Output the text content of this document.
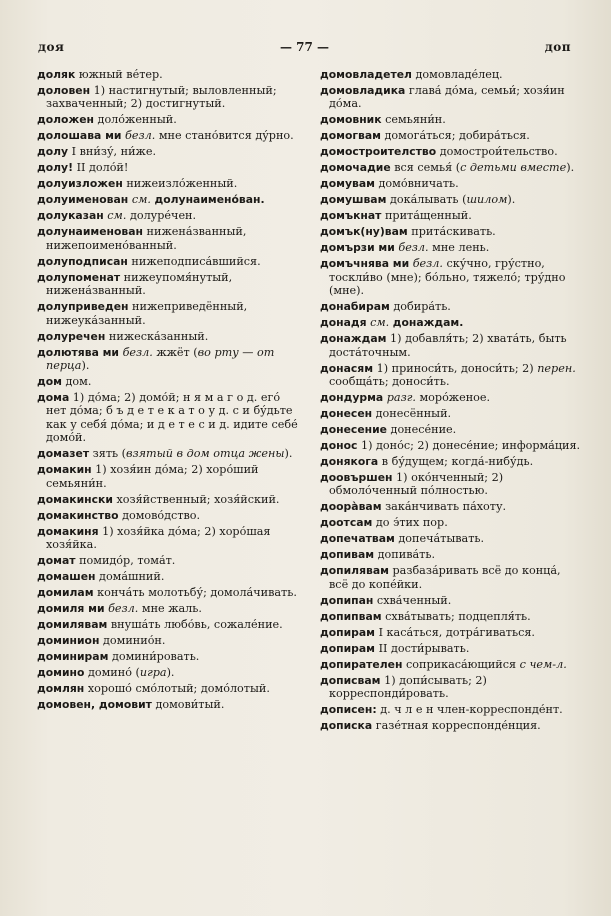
доя	— 77 —	доп
доляк южный ве́тер.
доловен 1) настигнутый; выловленный; захваченный; 2) достигнутый.
доложен доло́женный.
долошава ми безл. мне стано́вится ду́рно.
долу I вни́зу́, ни́же.
долу! II доло́й!
долуизложен нижеизло́женный.
долуименован см. долунаимено́ван.
долуказан см. долуре́чен.
долунаименован нижена́званный, нижепоимено́ванный.
долуподписан нижеподписа́вшийся.
долупоменат нижеупомя́нутый, нижена́званный.
долуприведен нижеприведённый, нижеука́занный.
долуречен нижеска́занный.
долютява ми безл. жжёт (во рту — от перца).
дом дом.
дома 1) до́ма; 2) домо́й; н я м а г о д. его́ нет до́ма; б ъ д е т е к а т о у д. с и бу́дьте как у себя́ до́ма; и д е т е с и д. идите себе́ домо́й.
домазет зять (взятый в дом отца жены).
домакин 1) хозя́ин до́ма; 2) хоро́ший семьяни́н.
домакински хозя́йственный; хозя́йский.
домакинство домово́дство.
домакиня 1) хозя́йка до́ма; 2) хоро́шая хозя́йка.
домат помидо́р, тома́т.
домашен дома́шний.
домилам конча́ть молотьбу́; домола́чивать.
домиля ми безл. мне жаль.
домилявам внуша́ть любо́вь, сожале́ние.
доминион доминио́н.
доминирам домини́ровать.
домино домино́ (игра).
домлян хорошо́ смо́лотый; домо́лотый.
домовен, домовит домови́тый.
домовладетел домовладе́лец.
домовладика глава́ до́ма, семьи́; хозя́ин до́ма.
домовник семьяни́н.
домогвам домога́ться; добира́ться.
домостроителство домострои́тельство.
домочадие вся семья́ (с детьми вместе).
домувам домо́вничать.
домушвам дока́лывать (шилом).
домъкнат прита́щенный.
домък(ну)вам прита́скивать.
домързи ми безл. мне лень.
домъчнява ми безл. ску́чно, гру́стно, тоскли́во (мне); бо́льно, тяжело́; тру́дно (мне).
донабирам добира́ть.
донадя см. донаждам.
донаждам 1) добавля́ть; 2) хвата́ть, быть доста́точным.
донасям 1) приноси́ть, доноси́ть; 2) перен. сообща́ть; доноси́ть.
дондурма разг. моро́женое.
донесен донесённый.
донесение донесе́ние.
донос 1) доно́с; 2) донесе́ние; информа́ция.
донякога в бу́дущем; когда́-нибу́дь.
доовършен 1) око́нченный; 2) обмоло́ченный по́лностью.
доора̀вам зака́нчивать па́хоту.
доотсам до э́тих пор.
допечатвам допеча́тывать.
допивам допива́ть.
допилявам разбаза́ривать всё до конца́, всё до копе́йки.
допипан схва́ченный.
допипвам схва́тывать; подцепля́ть.
допирам I каса́ться, дотра́гиваться.
допирам II дости́рывать.
допирателен соприкаса́ющийся с чем-л.
дописвам 1) допи́сывать; 2) корреспонди́ровать.
дописен: д. ч л е н член-корреспонде́нт.
дописка газе́тная корреспонде́нция.
